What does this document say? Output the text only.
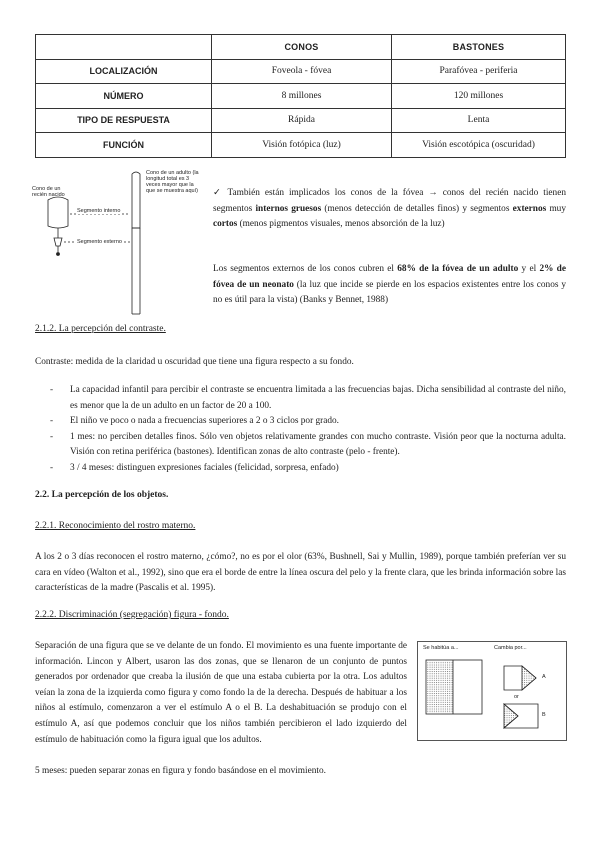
	CONOS	BASTONES
LOCALIZACIÓN	Foveola - fóvea	Parafóvea - periferia
NÚMERO	8 millones	120 millones
TIPO DE RESPUESTA	Rápida	Lenta
FUNCIÓN	Visión fotópica (luz)	Visión escotópica (oscuridad)
Cono de un recién nacido
Cono de un adulto (la longitud total es 3 veces mayor que la que se muestra aquí)
Segmento interno
Segmento externo
✓ También están implicados los conos de la fóvea → conos del recién nacido tienen segmentos internos gruesos (menos detección de detalles finos) y segmentos externos muy cortos (menos pigmentos visuales, menos absorción de la luz)
Los segmentos externos de los conos cubren el 68% de la fóvea de un adulto y el 2% de fóvea de un neonato (la luz que incide se pierde en los espacios existentes entre los conos y no es útil para la vista) (Banks y Bennet, 1988)
2.1.2. La percepción del contraste.
Contraste: medida de la claridad u oscuridad que tiene una figura respecto a su fondo.
- La capacidad infantil para percibir el contraste se encuentra limitada a las frecuencias bajas. Dicha sensibilidad al contraste del niño, es menor que la de un adulto en un factor de 20 a 100.
- El niño ve poco o nada a frecuencias superiores a 2 o 3 ciclos por grado.
- 1 mes: no perciben detalles finos. Sólo ven objetos relativamente grandes con mucho contraste. Visión peor que la nocturna adulta. Visión con retina periférica (bastones). Identifican zonas de alto contraste (pelo - frente).
- 3 / 4 meses: distinguen expresiones faciales (felicidad, sorpresa, enfado)
2.2. La percepción de los objetos.
2.2.1. Reconocimiento del rostro materno.
A los 2 o 3 días reconocen el rostro materno, ¿cómo?, no es por el olor (63%, Bushnell, Sai y Mullin, 1989), porque también preferían ver su cara en vídeo (Walton et al., 1992), sino que era el borde de entre la línea oscura del pelo y la frente clara, que les brinda información sobre las características de la madre (Pascalis et al. 1995).
2.2.2. Discriminación (segregación) figura - fondo.
Separación de una figura que se ve delante de un fondo. El movimiento es una fuente importante de información. Lincon y Albert, usaron las dos zonas, que se llenaron de un conjunto de puntos generados por ordenador que creaba la ilusión de que una estaba cubierta por la otra. Los adultos veían la zona de la izquierda como figura y como fondo la de la derecha. Después de habituar a los niños al estímulo, comenzaron a ver el estímulo A o el B. La deshabituación se produjo con el estímulo A, así que podemos concluir que los niños también percibieron el lado izquierdo del estímulo de habituación como la figura igual que los adultos.
Se habitúa a...	Cambia por...
A
or
B
5 meses: pueden separar zonas en figura y fondo basándose en el movimiento.
